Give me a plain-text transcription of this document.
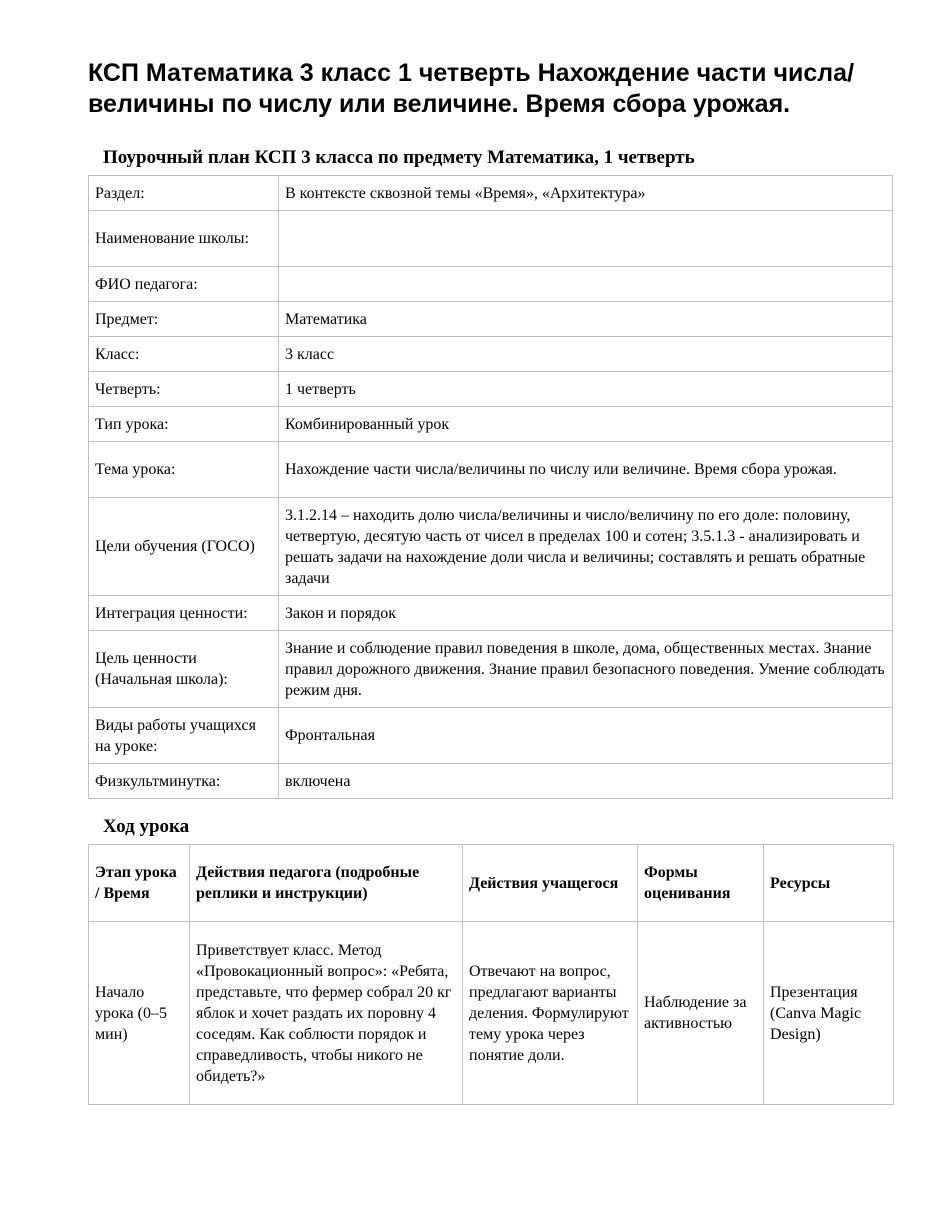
КСП Математика 3 класс 1 четверть Нахождение части числа/ величины по числу или величине. Время сбора урожая.
Поурочный план КСП 3 класса по предмету Математика, 1 четверть
Раздел:	В контексте сквозной темы «Время», «Архитектура»
Наименование школы:	
ФИО педагога:	
Предмет:	Математика
Класс:	3 класс
Четверть:	1 четверть
Тип урока:	Комбинированный урок
Тема урока:	Нахождение части числа/величины по числу или величине. Время сбора урожая.
Цели обучения (ГОСО)	3.1.2.14 – находить долю числа/величины и число/величину по его доле: половину, четвертую, десятую часть от чисел в пределах 100 и сотен; 3.5.1.3 - анализировать и решать задачи на нахождение доли числа и величины; составлять и решать обратные задачи
Интеграция ценности:	Закон и порядок
Цель ценности (Начальная школа):	Знание и соблюдение правил поведения в школе, дома, общественных местах. Знание правил дорожного движения. Знание правил безопасного поведения. Умение соблюдать режим дня.
Виды работы учащихся на уроке:	Фронтальная
Физкультминутка:	включена
Ход урока
Этап урока / Время	Действия педагога (подробные реплики и инструкции)	Действия учащегося	Формы оценивания	Ресурсы
Начало урока (0–5 мин)	Приветствует класс. Метод «Провокационный вопрос»: «Ребята, представьте, что фермер собрал 20 кг яблок и хочет раздать их поровну 4 соседям. Как соблюсти порядок и справедливость, чтобы никого не обидеть?»	Отвечают на вопрос, предлагают варианты деления. Формулируют тему урока через понятие доли.	Наблюдение за активностью	Презентация (Canva Magic Design)
